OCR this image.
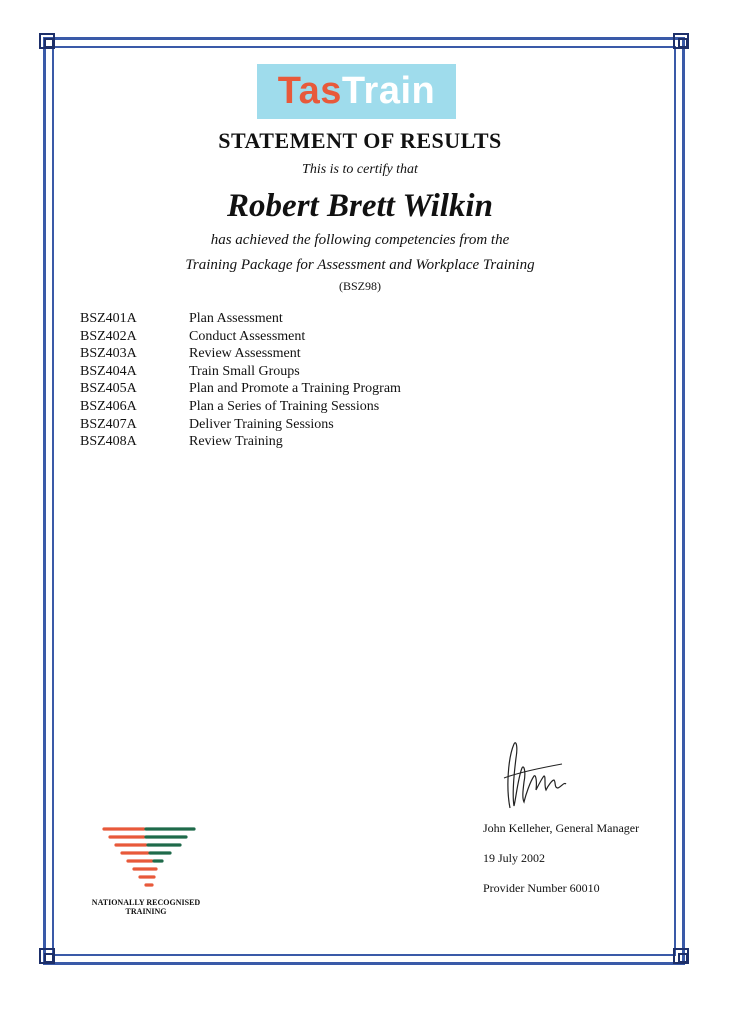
Tas Train
STATEMENT OF RESULTS
This is to certify that
Robert Brett Wilkin
has achieved the following competencies from the
Training Package for Assessment and Workplace Training
(BSZ98)
BSZ401A	Plan Assessment
BSZ402A	Conduct Assessment
BSZ403A	Review Assessment
BSZ404A	Train Small Groups
BSZ405A	Plan and Promote a Training Program
BSZ406A	Plan a Series of Training Sessions
BSZ407A	Deliver Training Sessions
BSZ408A	Review Training
John Kelleher, General Manager
19 July 2002
Provider Number 60010
NATIONALLY RECOGNISED
TRAINING
